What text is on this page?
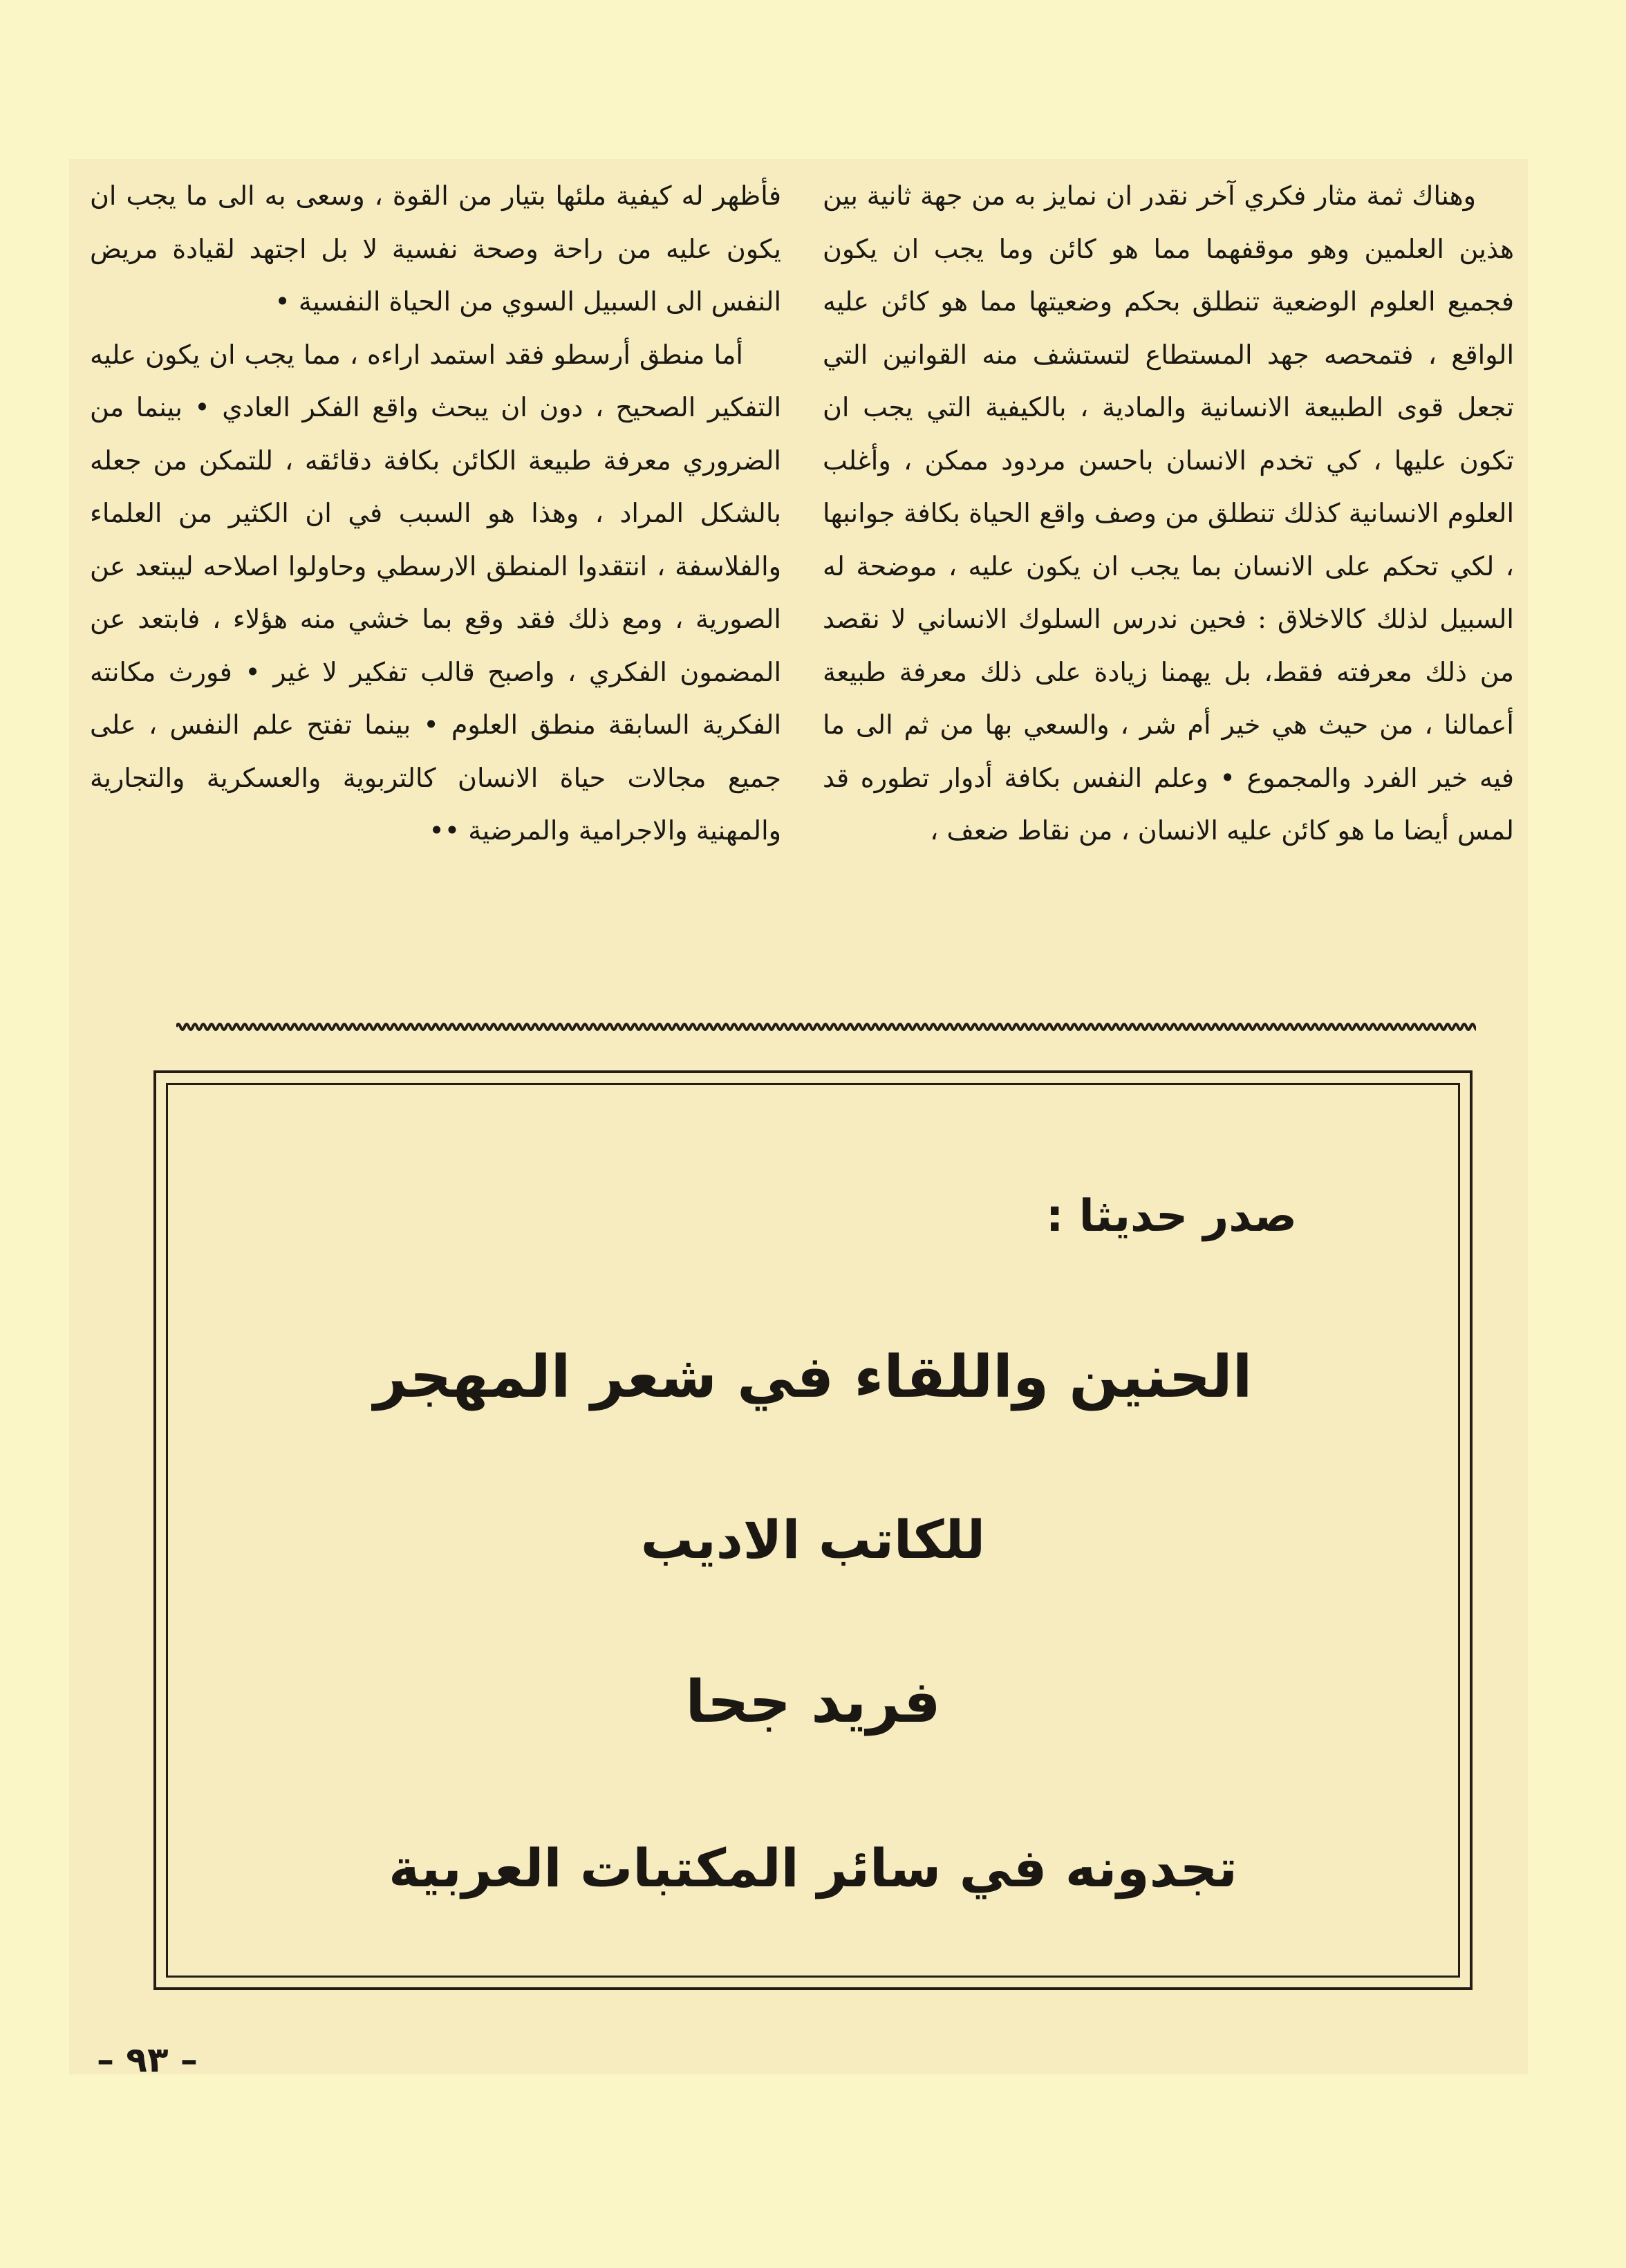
وهناك ثمة مثار فكري آخر نقدر ان نمايز به من جهة ثانية بين هذين العلمين وهو موقفهما مما هو كائن وما يجب ان يكون فجميع العلوم الوضعية تنطلق بحكم وضعيتها مما هو كائن عليه الواقع ، فتمحصه جهد المستطاع لتستشف منه القوانين التي تجعل قوى الطبيعة الانسانية والمادية ، بالكيفية التي يجب ان تكون عليها ، كي تخدم الانسان باحسن مردود ممكن ، وأغلب العلوم الانسانية كذلك تنطلق من وصف واقع الحياة بكافة جوانبها ، لكي تحكم على الانسان بما يجب ان يكون عليه ، موضحة له السبيل لذلك كالاخلاق : فحين ندرس السلوك الانساني لا نقصد من ذلك معرفته فقط، بل يهمنا زيادة على ذلك معرفة طبيعة أعمالنا ، من حيث هي خير أم شر ، والسعي بها من ثم الى ما فيه خير الفرد والمجموع • وعلم النفس بكافة أدوار تطوره قد لمس أيضا ما هو كائن عليه الانسان ، من نقاط ضعف ،

فأظهر له كيفية ملئها بتيار من القوة ، وسعى به الى ما يجب ان يكون عليه من راحة وصحة نفسية لا بل اجتهد لقيادة مريض النفس الى السبيل السوي من الحياة النفسية •

أما منطق أرسطو فقد استمد اراءه ، مما يجب ان يكون عليه التفكير الصحيح ، دون ان يبحث واقع الفكر العادي • بينما من الضروري معرفة طبيعة الكائن بكافة دقائقه ، للتمكن من جعله بالشكل المراد ، وهذا هو السبب في ان الكثير من العلماء والفلاسفة ، انتقدوا المنطق الارسطي وحاولوا اصلاحه ليبتعد عن الصورية ، ومع ذلك فقد وقع بما خشي منه هؤلاء ، فابتعد عن المضمون الفكري ، واصبح قالب تفكير لا غير • فورث مكانته الفكرية السابقة منطق العلوم • بينما تفتح علم النفس ، على جميع مجالات حياة الانسان كالتربوية والعسكرية والتجارية والمهنية والاجرامية والمرضية ••

صدر حديثا :
الحنين واللقاء في شعر المهجر
للكاتب الاديب
فريد جحا
تجدونه في سائر المكتبات العربية
– ٩٣ –
